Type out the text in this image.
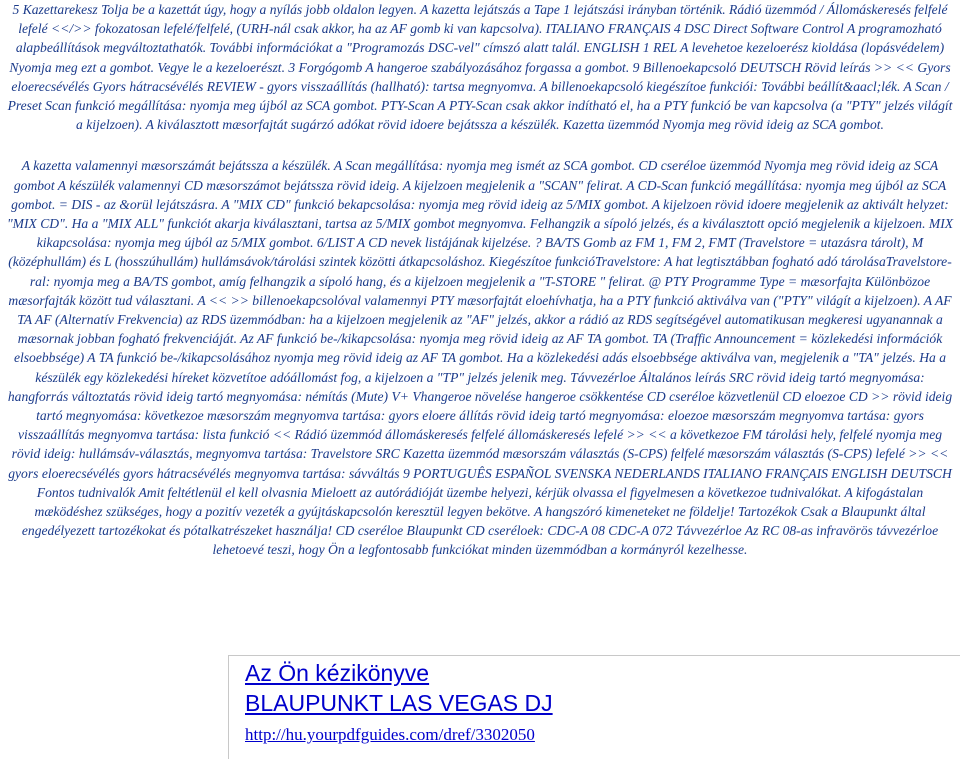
5 Kazettarekesz Tolja be a kazettát úgy, hogy a nyílás jobb oldalon legyen. A kazetta lejátszás a Tape 1 lejátszási irányban történik. Rádió üzemmód / Állomáskeresés felfelé lefelé <</>> fokozatosan lefelé/felfelé, (URH-nál csak akkor, ha az AF gomb ki van kapcsolva). ITALIANO FRANÇAIS 4 DSC Direct Software Control A programozható alapbeállítások megváltoztathatók. További információkat a "Programozás DSC-vel" címszó alatt talál. ENGLISH 1 REL A levehetoe kezeloerész kioldása (lopásvédelem) Nyomja meg ezt a gombot. Vegye le a kezeloerészt. 3 Forgógomb A hangeroe szabályozásához forgassa a gombot. 9 Billenoekapcsoló DEUTSCH Rövid leírás >> << Gyors eloerecsévélés Gyors hátracsévélés REVIEW - gyors visszaállítás (hallható): tartsa megnyomva. A billenoekapcsoló kiegészítoe funkciói: További beállít&aacl;lék. A Scan / Preset Scan funkció megállítása: nyomja meg újból az SCA gombot. PTY-Scan A PTY-Scan csak akkor indítható el, ha a PTY funkció be van kapcsolva (a "PTY" jelzés világít a kijelzoen). A kiválasztott mæsorfajtát sugárzó adókat rövid idoere bejátssza a készülék. Kazetta üzemmód Nyomja meg rövid ideig az SCA gombot.

A kazetta valamennyi mæsorszámát bejátssza a készülék. A Scan megállítása: nyomja meg ismét az SCA gombot. CD cseréloe üzemmód Nyomja meg rövid ideig az SCA gombot A készülék valamennyi CD mæsorszámot bejátssza rövid ideig. A kijelzoen megjelenik a "SCAN" felirat. A CD-Scan funkció megállítása: nyomja meg újból az SCA gombot. = DIS - az &orül lejátszásra. A "MIX CD" funkció bekapcsolása: nyomja meg rövid ideig az 5/MIX gombot. A kijelzoen rövid idoere megjelenik az aktivált helyzet: "MIX CD". Ha a "MIX ALL" funkciót akarja kiválasztani, tartsa az 5/MIX gombot megnyomva. Felhangzik a sípoló jelzés, és a kiválasztott opció megjelenik a kijelzoen. MIX kikapcsolása: nyomja meg újból az 5/MIX gombot. 6/LIST A CD nevek listájának kijelzése. ? BA/TS Gomb az FM 1, FM 2, FMT (Travelstore = utazásra tárolt), M (középhullám) és L (hosszúhullám) hullámsávok/tárolási szintek közötti átkapcsoláshoz. Kiegészítoe funkcióTravelstore: A hat legtisztábban fogható adó tárolásaTravelstore-ral: nyomja meg a BA/TS gombot, amíg felhangzik a sípoló hang, és a kijelzoen megjelenik a "T-STORE " felirat. @ PTY Programme Type = mæsorfajta Különbözoe mæsorfajták között tud választani. A << >> billenoekapcsolóval valamennyi PTY mæsorfajtát eloehívhatja, ha a PTY funkció aktiválva van ("PTY" világít a kijelzoen). A AF TA AF (Alternatív Frekvencia) az RDS üzemmódban: ha a kijelzoen megjelenik az "AF" jelzés, akkor a rádió az RDS segítségével automatikusan megkeresi ugyanannak a mæsornak jobban fogható frekvenciáját. Az AF funkció be-/kikapcsolása: nyomja meg rövid ideig az AF TA gombot. TA (Traffic Announcement = közlekedési információk elsoebbsége) A TA funkció be-/kikapcsolásához nyomja meg rövid ideig az AF TA gombot. Ha a közlekedési adás elsoebbsége aktiválva van, megjelenik a "TA" jelzés. Ha a készülék egy közlekedési híreket közvetítoe adóállomást fog, a kijelzoen a "TP" jelzés jelenik meg. Távvezérloe Általános leírás SRC rövid ideig tartó megnyomása: hangforrás változtatás rövid ideig tartó megnyomása: némítás (Mute) V+ Vhangeroe növelése hangeroe csökkentése CD cseréloe közvetlenül CD eloezoe CD >> rövid ideig tartó megnyomása: következoe mæsorszám megnyomva tartása: gyors eloere állítás rövid ideig tartó megnyomása: eloezoe mæsorszám megnyomva tartása: gyors visszaállítás megnyomva tartása: lista funkció << Rádió üzemmód állomáskeresés felfelé állomáskeresés lefelé >> << a következoe FM tárolási hely, felfelé nyomja meg rövid ideig: hullámsáv-választás, megnyomva tartása: Travelstore SRC Kazetta üzemmód mæsorszám választás (S-CPS) felfelé mæsorszám választás (S-CPS) lefelé >> << gyors eloerecsévélés gyors hátracsévélés megnyomva tartása: sávváltás 9 PORTUGUÊS ESPAÑOL SVENSKA NEDERLANDS ITALIANO FRANÇAIS ENGLISH DEUTSCH Fontos tudnivalók Amit feltétlenül el kell olvasnia Mieloett az autórádióját üzembe helyezi, kérjük olvassa el figyelmesen a következoe tudnivalókat. A kifogástalan mæködéshez szükséges, hogy a pozitív vezeték a gyújtáskapcsolón keresztül legyen bekötve. A hangszóró kimeneteket ne földelje! Tartozékok Csak a Blaupunkt által engedélyezett tartozékokat és pótalkatrészeket használja! CD cseréloe Blaupunkt CD cseréloek: CDC-A 08 CDC-A 072 Távvezérloe Az RC 08-as infravörös távvezérloe lehetoevé teszi, hogy Ön a legfontosabb funkciókat minden üzemmódban a kormányról kezelhesse.

Az Ön kézikönyve
BLAUPUNKT LAS VEGAS DJ
http://hu.yourpdfguides.com/dref/3302050
